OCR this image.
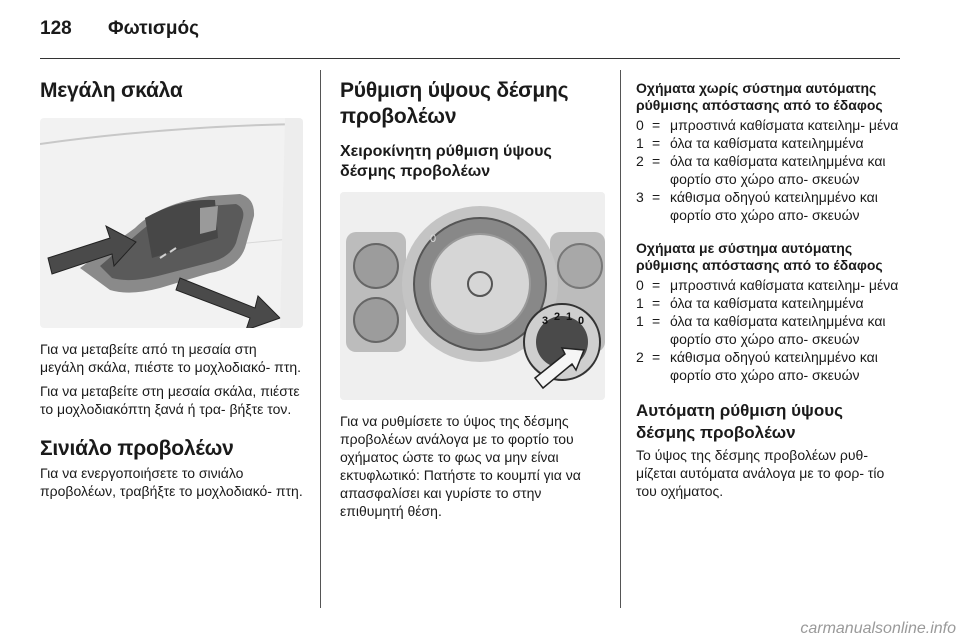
128 Φωτισμός
Μεγάλη σκάλα

Για να μεταβείτε από τη μεσαία στη μεγάλη σκάλα, πιέστε το μοχλοδιακό- πτη.

Για να μεταβείτε στη μεσαία σκάλα, πιέστε το μοχλοδιακόπτη ξανά ή τρα- βήξτε τον.

Σινιάλο προβολέων

Για να ενεργοποιήσετε το σινιάλο προβολέων, τραβήξτε το μοχλοδιακό- πτη.

Ρύθμιση ύψους δέσμης προβολέων
Χειροκίνητη ρύθμιση ύψους δέσμης προβολέων
0
3 2 1 0

Για να ρυθμίσετε το ύψος της δέσμης προβολέων ανάλογα με το φορτίο του οχήματος ώστε το φως να μην είναι εκτυφλωτικό: Πατήστε το κουμπί για να απασφαλίσει και γυρίστε το στην επιθυμητή θέση.

Οχήματα χωρίς σύστημα αυτόματης ρύθμισης απόστασης από το έδαφος

0 = μπροστινά καθίσματα κατειλημ- μένα
1 = όλα τα καθίσματα κατειλημμένα
2 = όλα τα καθίσματα κατειλημμένα και φορτίο στο χώρο απο- σκευών
3 = κάθισμα οδηγού κατειλημμένο και φορτίο στο χώρο απο- σκευών

Οχήματα με σύστημα αυτόματης ρύθμισης απόστασης από το έδαφος

0 = μπροστινά καθίσματα κατειλημ- μένα
1 = όλα τα καθίσματα κατειλημμένα
1 = όλα τα καθίσματα κατειλημμένα και φορτίο στο χώρο απο- σκευών
2 = κάθισμα οδηγού κατειλημμένο και φορτίο στο χώρο απο- σκευών
Αυτόματη ρύθμιση ύψους δέσμης προβολέων

Το ύψος της δέσμης προβολέων ρυθ- μίζεται αυτόματα ανάλογα με το φορ- τίο του οχήματος.

carmanualsonline.info
